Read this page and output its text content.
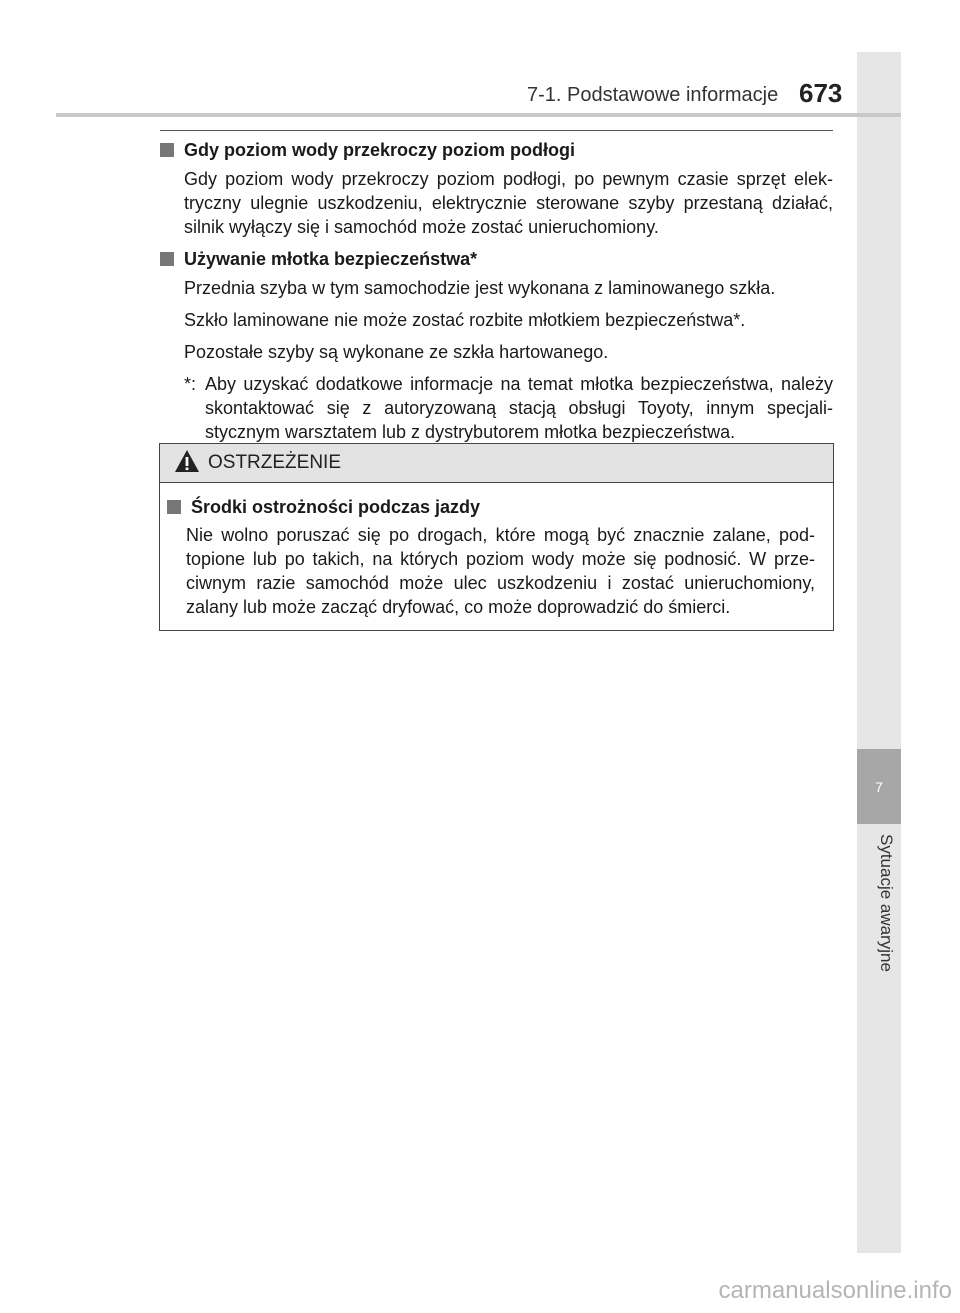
7
Sytuacje awaryjne
7-1. Podstawowe informacje 673
Gdy poziom wody przekroczy poziom podłogi
Gdy poziom wody przekroczy poziom podłogi, po pewnym czasie sprzęt elektryczny ulegnie uszkodzeniu, elektrycznie sterowane szyby przestaną działać, silnik wyłączy się i samochód może zostać unieruchomiony.
Używanie młotka bezpieczeństwa*
Przednia szyba w tym samochodzie jest wykonana z laminowanego szkła.
Szkło laminowane nie może zostać rozbite młotkiem bezpieczeństwa*.
Pozostałe szyby są wykonane ze szkła hartowanego.
*: Aby uzyskać dodatkowe informacje na temat młotka bezpieczeństwa, należy skontaktować się z autoryzowaną stacją obsługi Toyoty, innym specjalistycznym warsztatem lub z dystrybutorem młotka bezpieczeństwa.
OSTRZEŻENIE
Środki ostrożności podczas jazdy
Nie wolno poruszać się po drogach, które mogą być znacznie zalane, podtopione lub po takich, na których poziom wody może się podnosić. W przeciwnym razie samochód może ulec uszkodzeniu i zostać unieruchomiony, zalany lub może zacząć dryfować, co może doprowadzić do śmierci.
carmanualsonline.info
